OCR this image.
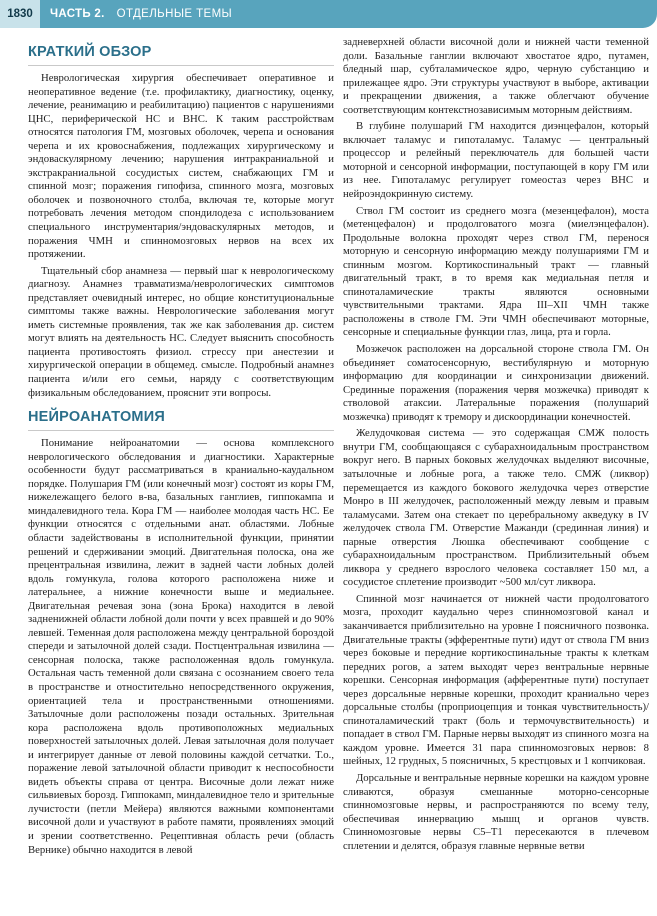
1830	ЧАСТЬ 2. ОТДЕЛЬНЫЕ ТЕМЫ
КРАТКИЙ ОБЗОР

Неврологическая хирургия обеспечивает оперативное и неоперативное ведение (т.е. профилактику, диагностику, оценку, лечение, реанимацию и реабилитацию) пациентов с нарушениями ЦНС, периферической НС и ВНС. К таким расстройствам относятся патология ГМ, мозговых оболочек, черепа и основания черепа и их кровоснабжения, подлежащих хирургическому и эндоваскулярному лечению; нарушения интракраниальной и экстракраниальной сосудистых систем, снабжающих ГМ и спинной мозг; поражения гипофиза, спинного мозга, мозговых оболочек и позвоночного столба, включая те, которые могут потребовать лечения методом спондилодеза с использованием специального инструментария/эндоваскулярных методов, и поражения ЧМН и спинномозговых нервов на всех их протяжении.

Тщательный сбор анамнеза — первый шаг к неврологическому диагнозу. Анамнез травматизма/неврологических симптомов представляет очевидный интерес, но общие конституциональные симптомы также важны. Неврологические заболевания могут иметь системные проявления, так же как заболевания др. систем могут влиять на деятельность НС. Следует выяснить способность пациента противостоять физиол. стрессу при анестезии и хирургической операции в общемед. смысле. Подробный анамнез пациента и/или его семьи, наряду с соответствующим физикальным обследованием, прояснит эти вопросы.

НЕЙРОАНАТОМИЯ

Понимание нейроанатомии — основа комплексного неврологического обследования и диагностики. Характерные особенности будут рассматриваться в краниально-каудальном порядке. Полушария ГМ (или конечный мозг) состоят из коры ГМ, нижележащего белого в-ва, базальных ганглиев, гиппокампа и миндалевидного тела. Кора ГМ — наиболее молодая часть НС. Ее функции относятся с отдельными анат. областями. Лобные области задействованы в исполнительной функции, принятии решений и сдерживании эмоций. Двигательная полоска, она же прецентральная извилина, лежит в задней части лобных долей вдоль гомункула, голова которого расположена ниже и латеральнее, а нижние конечности выше и медиальнее. Двигательная речевая зона (зона Брока) находится в левой задненижней области лобной доли почти у всех правшей и до 90% левшей. Теменная доля расположена между центральной бороздой спереди и затылочной долей сзади. Постцентральная извилина — сенсорная полоска, также расположенная вдоль гомункула. Остальная часть теменной доли связана с осознанием своего тела в пространстве и отностительно непосредственного окружения, ориентацией тела и пространственными отношениями. Затылочные доли расположены позади остальных. Зрительная кора расположена вдоль противоположных медиальных поверхностей затылочных долей. Левая затылочная доля получает и интегрирует данные от левой половины каждой сетчатки. Т.о., поражение левой затылочной области приводит к неспособности видеть объекты справа от центра. Височные доли лежат ниже сильвиевых борозд. Гиппокамп, миндалевидное тело и зрительные лучистости (петли Мейера) являются важными компонентами височной доли и участвуют в работе памяти, проявлениях эмоций и зрении соответственно. Рецептивная область речи (область Верникe) обычно находится в левой

задневерхней области височной доли и нижней части теменной доли. Базальные ганглии включают хвостатое ядро, путамен, бледный шар, субталамическое ядро, черную субстанцию и прилежащее ядро. Эти структуры участвуют в выборе, активации и прекращении движения, а также облегчают обучение соответствующим контекстнозависимым моторным действиям.

В глубине полушарий ГМ находится диэнцефалон, который включает таламус и гипоталамус. Таламус — центральный процессор и релейный переключатель для большей части моторной и сенсорной информации, поступающей в кору ГМ или из нее. Гипоталамус регулирует гомеостаз через ВНС и нейроэндокринную систему.

Ствол ГМ состоит из среднего мозга (мезенцефалон), моста (метенцефалон) и продолговатого мозга (миелэнцефалон). Продольные волокна проходят через ствол ГМ, перенося моторную и сенсорную информацию между полушариями ГМ и спинным мозгом. Кортикоспинальный тракт — главный двигательный тракт, в то время как медиальная петля и спиноталамические тракты являются основными чувствительными трактами. Ядра III–XII ЧМН также расположены в стволе ГМ. Эти ЧМН обеспечивают моторные, сенсорные и специальные функции глаз, лица, рта и горла.

Мозжечок расположен на дорсальной стороне ствола ГМ. Он объединяет соматосенсорную, вестибулярную и моторную информацию для координации и синхронизации движений. Срединные поражения (поражения червя мозжечка) приводят к стволовой атаксии. Латеральные поражения (полушарий мозжечка) приводят к тремору и дискоординации конечностей.

Желудочковая система — это содержащая СМЖ полость внутри ГМ, сообщающаяся с субарахноидальным пространством вокруг него. В парных боковых желудочках выделяют височные, затылочные и лобные рога, а также тело. СМЖ (ликвор) перемещается из каждого бокового желудочка через отверстие Монро в III желудочек, расположенный между левым и правым таламусами. Затем она стекает по церебральному акведуку в IV желудочек ствола ГМ. Отверстие Мажанди (срединная линия) и парные отверстия Люшка обеспечивают сообщение с субарахноидальным пространством. Приблизительный объем ликвора у среднего взрослого человека составляет 150 мл, а сосудистое сплетение производит ~500 мл/сут ликвора.

Спинной мозг начинается от нижней части продолговатого мозга, проходит каудально через спинномозговой канал и заканчивается приблизительно на уровне I поясничного позвонка. Двигательные тракты (эфферентные пути) идут от ствола ГМ вниз через боковые и передние кортикоспинальные тракты к клеткам передних рогов, а затем выходят через вентральные нервные корешки. Сенсорная информация (афферентные пути) поступает через дорсальные нервные корешки, проходит краниально через дорсальные столбы (проприоцепция и тонкая чувствительность)/спиноталамический тракт (боль и термочувствительность) и попадает в ствол ГМ. Парные нервы выходят из спинного мозга на каждом уровне. Имеется 31 пара спинномозговых нервов: 8 шейных, 12 грудных, 5 поясничных, 5 крестцовых и 1 копчиковая.

Дорсальные и вентральные нервные корешки на каждом уровне сливаются, образуя смешанные моторно-сенсорные спинномозговые нервы, и распространяются по всему телу, обеспечивая иннервацию мышц и органов чувств. Спинномозговые нервы C5–T1 пересекаются в плечевом сплетении и делятся, образуя главные нервные ветви
